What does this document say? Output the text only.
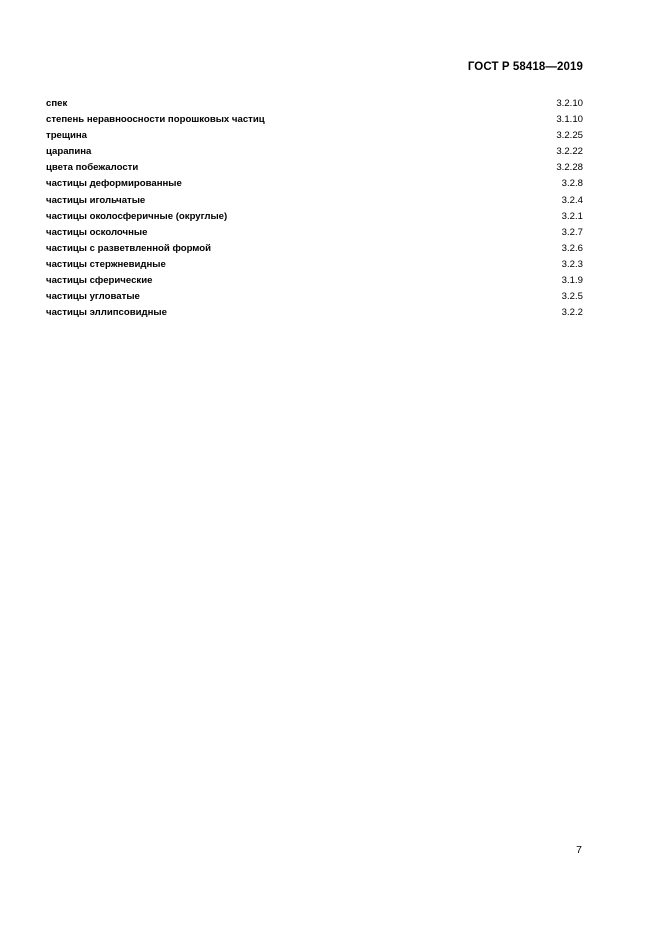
ГОСТ Р 58418—2019
спек	3.2.10
степень неравноосности порошковых частиц	3.1.10
трещина	3.2.25
царапина	3.2.22
цвета побежалости	3.2.28
частицы деформированные	3.2.8
частицы игольчатые	3.2.4
частицы околосферичные (округлые)	3.2.1
частицы осколочные	3.2.7
частицы с разветвленной формой	3.2.6
частицы стержневидные	3.2.3
частицы сферические	3.1.9
частицы угловатые	3.2.5
частицы эллипсовидные	3.2.2
7
